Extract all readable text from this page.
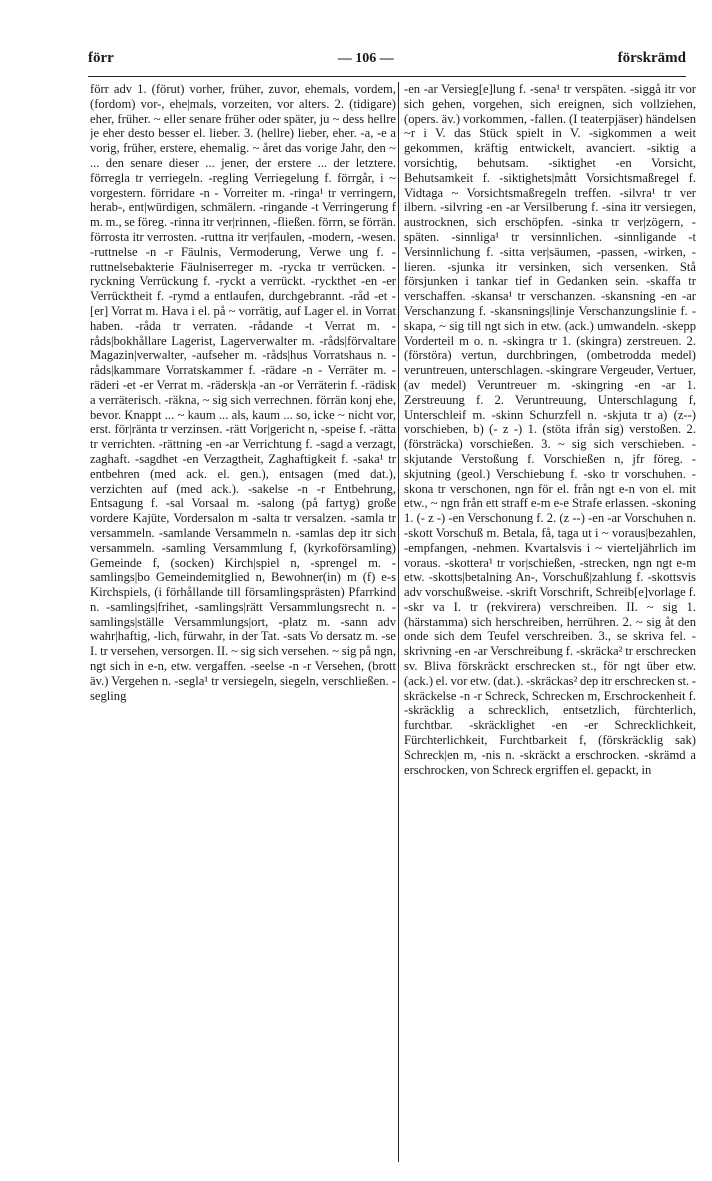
förr	— 106 —	förskrämd

förr adv 1. (förut) vorher, früher, zuvor, ehemals, vordem, (fordom) vor-, ehe|mals, vorzeiten, vor alters. 2. (tidigare) eher, früher. ~ eller senare früher oder später, ju ~ dess hellre je eher desto besser el. lieber. 3. (hellre) lieber, eher. -a, -e a vorig, früher, erstere, ehemalig. ~ året das vorige Jahr, den ~ ... den senare dieser ... jener, der erstere ... der letztere. förregla tr verriegeln. -regling Verriegelung f. förrgår, i ~ vorgestern. förridare -n - Vorreiter m. -ringa¹ tr verringern, herab-, ent|würdigen, schmälern. -ringande -t Verringerung f m. m., se föreg. -rinna itr ver|rinnen, -fließen. förrn, se förrän. förrosta itr verrosten. -ruttna itr ver|faulen, -modern, -wesen. -ruttnelse -n -r Fäulnis, Vermoderung, Verwe ung f. -ruttnelsebakterie Fäulniserreger m. -rycka tr verrücken. -ryckning Verrückung f. -ryckt a verrückt. -ryckthet -en -er Verrücktheit f. -rymd a entlaufen, durchgebrannt. -råd -et -[er] Vorrat m. Hava i el. på ~ vorrätig, auf Lager el. in Vorrat haben. -råda tr verraten. -rådande -t Verrat m. -råds|bokhållare Lagerist, Lagerverwalter m. -råds|förvaltare Magazin|verwalter, -aufseher m. -råds|hus Vorratshaus n. -råds|kammare Vorratskammer f. -rädare -n - Verräter m. -räderi -et -er Verrat m. -rädersk|a -an -or Verräterin f. -rädisk a verräterisch. -räkna, ~ sig sich verrechnen. förrän konj ehe, bevor. Knappt ... ~ kaum ... als, kaum ... so, icke ~ nicht vor, erst. för|ränta tr verzinsen. -rätt Vor|gericht n, -speise f. -rätta tr verrichten. -rättning -en -ar Verrichtung f. -sagd a verzagt, zaghaft. -sagdhet -en Verzagtheit, Zaghaftigkeit f. -saka¹ tr entbehren (med ack. el. gen.), entsagen (med dat.), verzichten auf (med ack.). -sakelse -n -r Entbehrung, Entsagung f. -sal Vorsaal m. -salong (på fartyg) große vordere Kajüte, Vordersalon m -salta tr versalzen. -samla tr versammeln. -samlande Versammeln n. -samlas dep itr sich versammeln. -samling Versammlung f, (kyrkoförsamling) Gemeinde f, (socken) Kirch|spiel n, -sprengel m. -samlings|bo Gemeindemitglied n, Bewohner(in) m (f) e-s Kirchspiels, (i förhållande till församlingsprästen) Pfarrkind n. -samlings|frihet, -samlings|rätt Versammlungsrecht n. -samlings|ställe Versammlungs|ort, -platz m. -sann adv wahr|haftig, -lich, fürwahr, in der Tat. -sats Vo dersatz m. -se I. tr versehen, versorgen. II. ~ sig sich versehen. ~ sig på ngn, ngt sich in e-n, etw. vergaffen. -seelse -n -r Versehen, (brott äv.) Vergehen n. -segla¹ tr versiegeln, siegeln, verschließen. -segling

-en -ar Versieg[e]lung f. -sena¹ tr verspäten. -siggå itr vor sich gehen, vorgehen, sich ereignen, sich vollziehen, (opers. äv.) vorkommen, -fallen. (I teaterpjäser) händelsen ~r i V. das Stück spielt in V. -sigkommen a weit gekommen, kräftig entwickelt, avanciert. -siktig a vorsichtig, behutsam. -siktighet -en Vorsicht, Behutsamkeit f. -siktighets|mått Vorsichtsmaßregel f. Vidtaga ~ Vorsichtsmaßregeln treffen. -silvra¹ tr ver ilbern. -silvring -en -ar Versilberung f. -sina itr versiegen, austrocknen, sich erschöpfen. -sinka tr ver|zögern, -späten. -sinnliga¹ tr versinnlichen. -sinnligande -t Versinnlichung f. -sitta ver|säumen, -passen, -wirken, -lieren. -sjunka itr versinken, sich versenken. Stå försjunken i tankar tief in Gedanken sein. -skaffa tr verschaffen. -skansa¹ tr verschanzen. -skansning -en -ar Verschanzung f. -skansnings|linje Verschanzungslinie f. -skapa, ~ sig till ngt sich in etw. (ack.) umwandeln. -skepp Vorderteil m o. n. -skingra tr 1. (skingra) zerstreuen. 2. (förstöra) vertun, durchbringen, (ombetrodda medel) veruntreuen, unterschlagen. -skingrare Vergeuder, Vertuer, (av medel) Veruntreuer m. -skingring -en -ar 1. Zerstreuung f. 2. Veruntreuung, Unterschlagung f, Unterschleif m. -skinn Schurzfell n. -skjuta tr a) (z--) vorschieben, b) (- z -) 1. (stöta ifrån sig) verstoßen. 2. (försträcka) vorschießen. 3. ~ sig sich verschieben. -skjutande Verstoßung f. Vorschießen n, jfr föreg. -skjutning (geol.) Verschiebung f. -sko tr vorschuhen. -skona tr verschonen, ngn för el. från ngt e-n von el. mit etw., ~ ngn från ett straff e-m e-e Strafe erlassen. -skoning 1. (- z -) -en Verschonung f. 2. (z --) -en -ar Vorschuhen n. -skott Vorschuß m. Betala, få, taga ut i ~ voraus|bezahlen, -empfangen, -nehmen. Kvartalsvis i ~ vierteljährlich im voraus. -skottera¹ tr vor|schießen, -strecken, ngn ngt e-m etw. -skotts|betalning An-, Vorschuß|zahlung f. -skottsvis adv vorschußweise. -skrift Vorschrift, Schreib[e]vorlage f. -skr va I. tr (rekvirera) verschreiben. II. ~ sig 1. (härstamma) sich herschreiben, herrühren. 2. ~ sig åt den onde sich dem Teufel verschreiben. 3., se skriva fel. -skrivning -en -ar Verschreibung f. -skräcka² tr erschrecken sv. Bliva förskräckt erschrecken st., för ngt über etw. (ack.) el. vor etw. (dat.). -skräckas² dep itr erschrecken st. -skräckelse -n -r Schreck, Schrecken m, Erschrockenheit f. -skräcklig a schrecklich, entsetzlich, fürchterlich, furchtbar. -skräcklighet -en -er Schrecklichkeit, Fürchterlichkeit, Furchtbarkeit f, (förskräcklig sak) Schreck|en m, -nis n. -skräckt a erschrocken. -skrämd a erschrocken, von Schreck ergriffen el. gepackt, in
